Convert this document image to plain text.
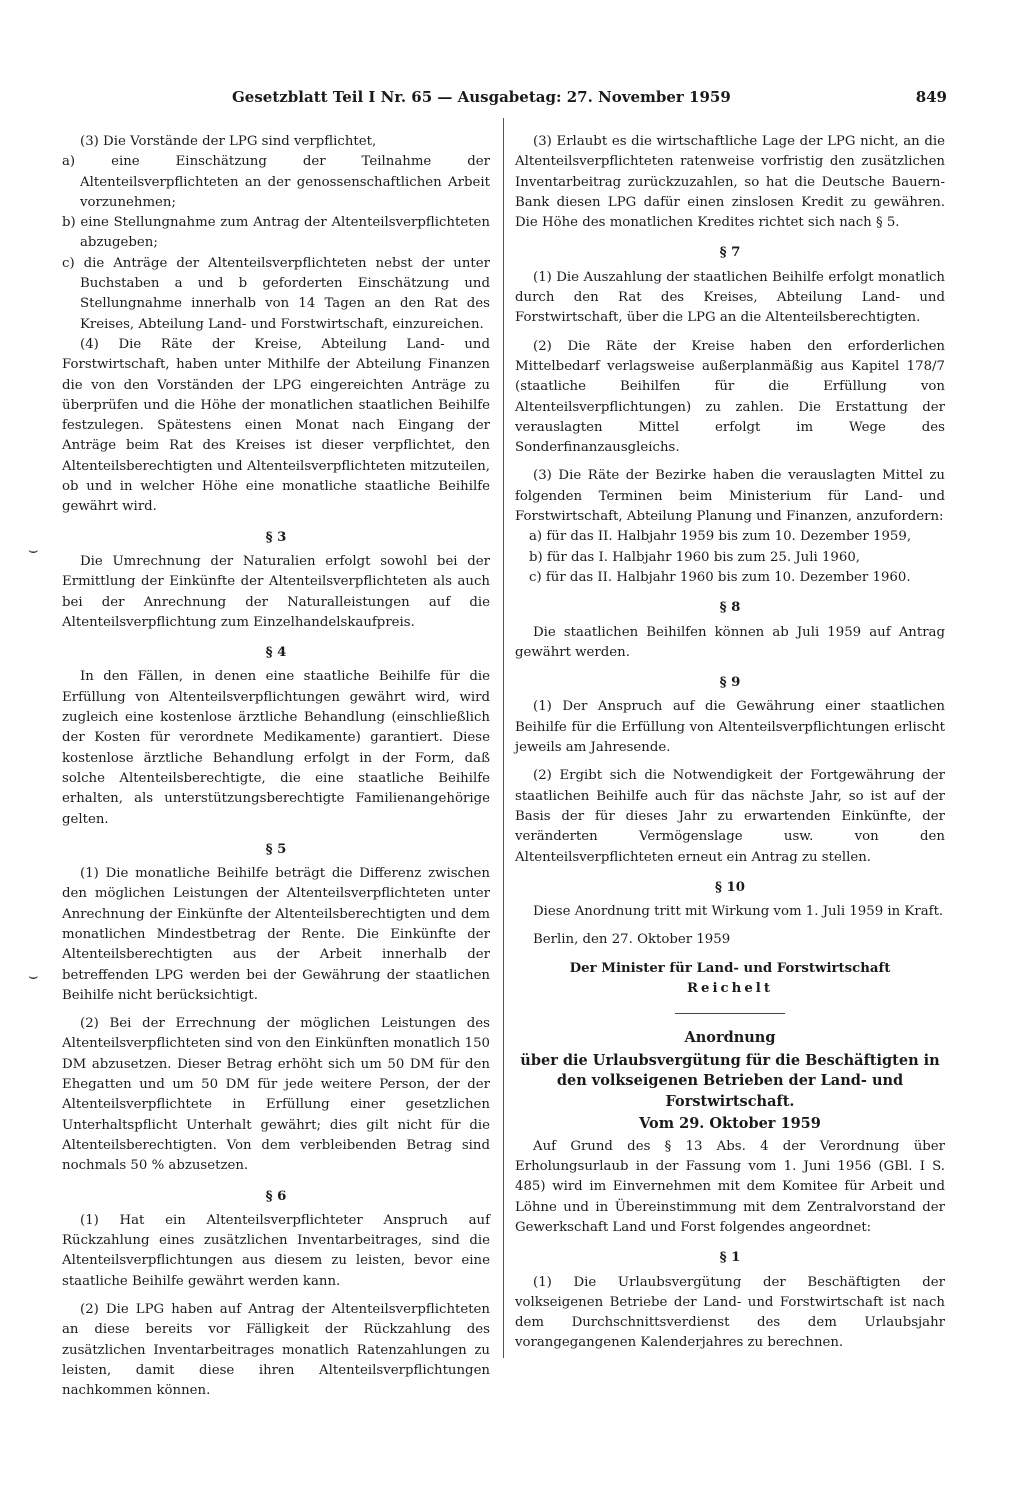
Gesetzblatt Teil I Nr. 65 — Ausgabetag: 27. November 1959	849
⌣
⌣

(3) Die Vorstände der LPG sind verpflichtet,

a) eine Einschätzung der Teilnahme der Altenteilsverpflichteten an der genossenschaftlichen Arbeit vorzunehmen;

b) eine Stellungnahme zum Antrag der Altenteilsverpflichteten abzugeben;

c) die Anträge der Altenteilsverpflichteten nebst der unter Buchstaben a und b geforderten Einschätzung und Stellungnahme innerhalb von 14 Tagen an den Rat des Kreises, Abteilung Land- und Forstwirtschaft, einzureichen.

(4) Die Räte der Kreise, Abteilung Land- und Forstwirtschaft, haben unter Mithilfe der Abteilung Finanzen die von den Vorständen der LPG eingereichten Anträge zu überprüfen und die Höhe der monatlichen staatlichen Beihilfe festzulegen. Spätestens einen Monat nach Eingang der Anträge beim Rat des Kreises ist dieser verpflichtet, den Altenteilsberechtigten und Altenteilsverpflichteten mitzuteilen, ob und in welcher Höhe eine monatliche staatliche Beihilfe gewährt wird.

§ 3

Die Umrechnung der Naturalien erfolgt sowohl bei der Ermittlung der Einkünfte der Altenteilsverpflichteten als auch bei der Anrechnung der Naturalleistungen auf die Altenteilsverpflichtung zum Einzelhandelskaufpreis.

§ 4

In den Fällen, in denen eine staatliche Beihilfe für die Erfüllung von Altenteilsverpflichtungen gewährt wird, wird zugleich eine kostenlose ärztliche Behandlung (einschließlich der Kosten für verordnete Medikamente) garantiert. Diese kostenlose ärztliche Behandlung erfolgt in der Form, daß solche Altenteilsberechtigte, die eine staatliche Beihilfe erhalten, als unterstützungsberechtigte Familienangehörige gelten.

§ 5

(1) Die monatliche Beihilfe beträgt die Differenz zwischen den möglichen Leistungen der Altenteilsverpflichteten unter Anrechnung der Einkünfte der Altenteilsberechtigten und dem monatlichen Mindestbetrag der Rente. Die Einkünfte der Altenteilsberechtigten aus der Arbeit innerhalb der betreffenden LPG werden bei der Gewährung der staatlichen Beihilfe nicht berücksichtigt.

(2) Bei der Errechnung der möglichen Leistungen des Altenteilsverpflichteten sind von den Einkünften monatlich 150 DM abzusetzen. Dieser Betrag erhöht sich um 50 DM für den Ehegatten und um 50 DM für jede weitere Person, der der Altenteilsverpflichtete in Erfüllung einer gesetzlichen Unterhaltspflicht Unterhalt gewährt; dies gilt nicht für die Altenteilsberechtigten. Von dem verbleibenden Betrag sind nochmals 50 % abzusetzen.

§ 6

(1) Hat ein Altenteilsverpflichteter Anspruch auf Rückzahlung eines zusätzlichen Inventarbeitrages, sind die Altenteilsverpflichtungen aus diesem zu leisten, bevor eine staatliche Beihilfe gewährt werden kann.

(2) Die LPG haben auf Antrag der Altenteilsverpflichteten an diese bereits vor Fälligkeit der Rückzahlung des zusätzlichen Inventarbeitrages monatlich Ratenzahlungen zu leisten, damit diese ihren Altenteilsverpflichtungen nachkommen können.

(3) Erlaubt es die wirtschaftliche Lage der LPG nicht, an die Altenteilsverpflichteten ratenweise vorfristig den zusätzlichen Inventarbeitrag zurückzuzahlen, so hat die Deutsche Bauern-Bank diesen LPG dafür einen zinslosen Kredit zu gewähren. Die Höhe des monatlichen Kredites richtet sich nach § 5.

§ 7

(1) Die Auszahlung der staatlichen Beihilfe erfolgt monatlich durch den Rat des Kreises, Abteilung Land- und Forstwirtschaft, über die LPG an die Altenteilsberechtigten.

(2) Die Räte der Kreise haben den erforderlichen Mittelbedarf verlagsweise außerplanmäßig aus Kapitel 178/7 (staatliche Beihilfen für die Erfüllung von Altenteilsverpflichtungen) zu zahlen. Die Erstattung der verauslagten Mittel erfolgt im Wege des Sonderfinanzausgleichs.

(3) Die Räte der Bezirke haben die verauslagten Mittel zu folgenden Terminen beim Ministerium für Land- und Forstwirtschaft, Abteilung Planung und Finanzen, anzufordern:

a) für das II. Halbjahr 1959 bis zum 10. Dezember 1959,

b) für das I. Halbjahr 1960 bis zum 25. Juli 1960,

c) für das II. Halbjahr 1960 bis zum 10. Dezember 1960.

§ 8

Die staatlichen Beihilfen können ab Juli 1959 auf Antrag gewährt werden.

§ 9

(1) Der Anspruch auf die Gewährung einer staatlichen Beihilfe für die Erfüllung von Altenteilsverpflichtungen erlischt jeweils am Jahresende.

(2) Ergibt sich die Notwendigkeit der Fortgewährung der staatlichen Beihilfe auch für das nächste Jahr, so ist auf der Basis der für dieses Jahr zu erwartenden Einkünfte, der veränderten Vermögenslage usw. von den Altenteilsverpflichteten erneut ein Antrag zu stellen.

§ 10

Diese Anordnung tritt mit Wirkung vom 1. Juli 1959 in Kraft.

Berlin, den 27. Oktober 1959

Der Minister für Land- und Forstwirtschaft

Reichelt

Anordnung

über die Urlaubsvergütung für die Beschäftigten in den volkseigenen Betrieben der Land- und Forstwirtschaft.

Vom 29. Oktober 1959

Auf Grund des § 13 Abs. 4 der Verordnung über Erholungsurlaub in der Fassung vom 1. Juni 1956 (GBl. I S. 485) wird im Einvernehmen mit dem Komitee für Arbeit und Löhne und in Übereinstimmung mit dem Zentralvorstand der Gewerkschaft Land und Forst folgendes angeordnet:

§ 1

(1) Die Urlaubsvergütung der Beschäftigten der volkseigenen Betriebe der Land- und Forstwirtschaft ist nach dem Durchschnittsverdienst des dem Urlaubsjahr vorangegangenen Kalenderjahres zu berechnen.
